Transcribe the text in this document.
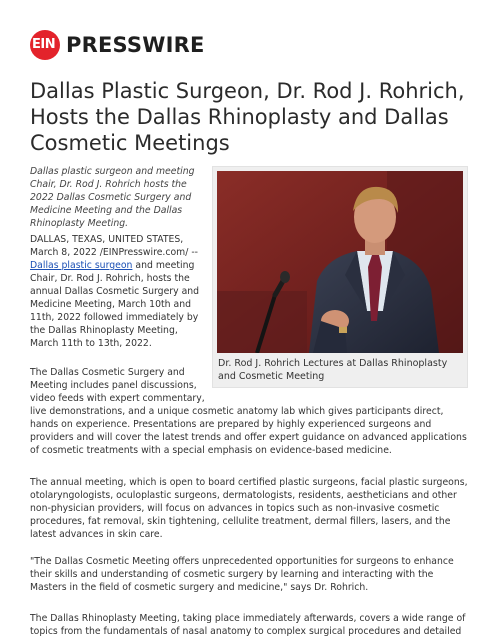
EIN PRESSWIRE
Dallas Plastic Surgeon, Dr. Rod J. Rohrich, Hosts the Dallas Rhinoplasty and Dallas Cosmetic Meetings

Dr. Rod J. Rohrich Lectures at Dallas Rhinoplasty and Cosmetic Meeting

Dallas plastic surgeon and meeting Chair, Dr. Rod J. Rohrich hosts the 2022 Dallas Cosmetic Surgery and Medicine Meeting and the Dallas Rhinoplasty Meeting.

DALLAS, TEXAS, UNITED STATES, March 8, 2022 /EINPresswire.com/ -- Dallas plastic surgeon and meeting Chair, Dr. Rod J. Rohrich, hosts the annual Dallas Cosmetic Surgery and Medicine Meeting, March 10th and 11th, 2022 followed immediately by the Dallas Rhinoplasty Meeting, March 11th to 13th, 2022.

The Dallas Cosmetic Surgery and Meeting includes panel discussions, video feeds with expert commentary,

live demonstrations, and a unique cosmetic anatomy lab which gives participants direct, hands on experience. Presentations are prepared by highly experienced surgeons and providers and will cover the latest trends and offer expert guidance on advanced applications of cosmetic treatments with a special emphasis on evidence-based medicine.

The annual meeting, which is open to board certified plastic surgeons, facial plastic surgeons, otolaryngologists, oculoplastic surgeons, dermatologists, residents, aestheticians and other non-physician providers, will focus on advances in topics such as non-invasive cosmetic procedures, fat removal, skin tightening, cellulite treatment, dermal fillers, lasers, and the latest advances in skin care.

"The Dallas Cosmetic Meeting offers unprecedented opportunities for surgeons to enhance their skills and understanding of cosmetic surgery by learning and interacting with the Masters in the field of cosmetic surgery and medicine," says Dr. Rohrich.

The Dallas Rhinoplasty Meeting, taking place immediately afterwards, covers a wide range of topics from the fundamentals of nasal anatomy to complex surgical procedures and detailed
